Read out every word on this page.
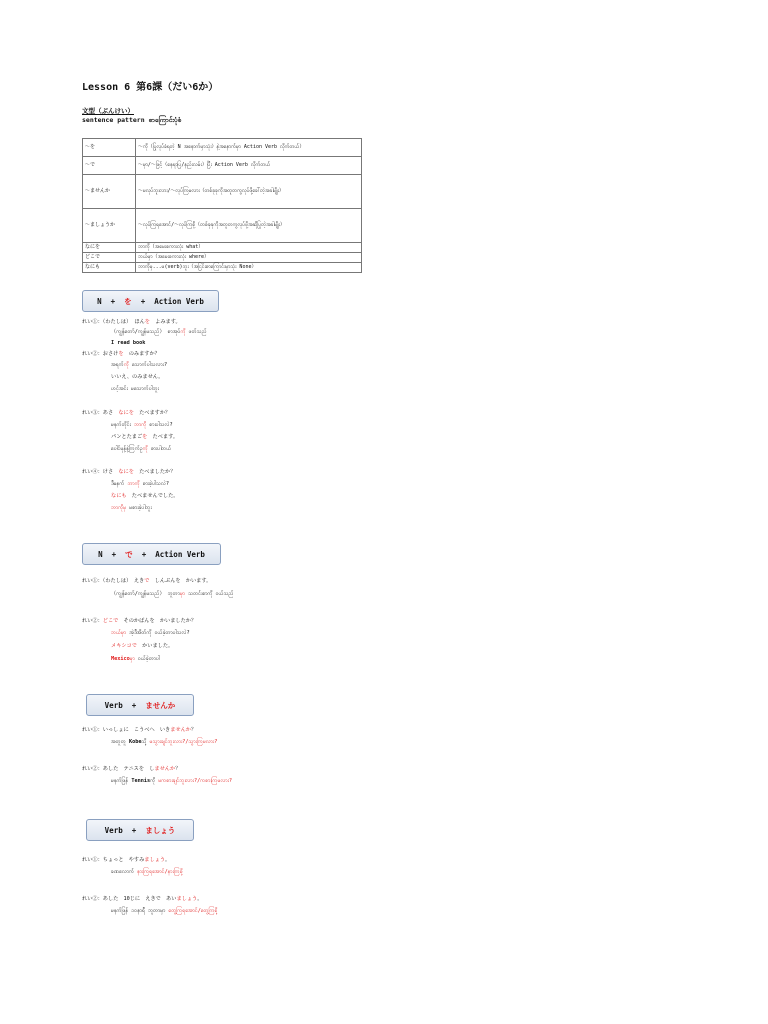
Lesson 6 第6課（だい6か）
文型（ぶんけい）
sentence pattern စာကြောင်းပုံစံ
〜を	〜ကို（ပြုလုပ်ခံရတဲ့ N အနောက်မှာသုံး）နဲ့အနောက်မှာ Action Verb လိုက်တယ်）
〜で	〜မှာ/〜ဖြင့်（နေရာပြ/နည်းလမ်း）ပြီး Action Verb လိုက်တယ်
〜ませんか	〜မလုပ်ဘူးလား/〜လုပ်ကြမလား（တစ်ခုခုကိုအတူတကွလုပ်ဖို့ခေါ်တဲ့အခါမျိုး）
〜ましょうか	〜လုပ်ကြရအောင်/〜လုပ်ကြစို့（တစ်ခုခုကိုအတူတကွလုပ်ဖို့အဆိုပြုတဲ့အခါမျိုး）
なにを	ဘာကို（အမေးစကားလုံး what）
どこで	ဘယ်မှာ（အမေးစကားလုံး where）
なにも	ဘာကိုမှ...မ(verb)ဘူး（အငြင်းစာကြောင်းမှာသုံး None）
N  + を +  Action Verb
れい①：（わたしは） ほんを　よみます。
（ကျွန်တော်/ကျွန်မသည်） စာအုပ်ကို ဖတ်သည်
I read book
れい②：おさけを　のみますか？
အရက်ကို သောက်ပါသလား?
いいえ、のみません。
ဟင့်အင်း မသောက်ပါဘူး
れい③：あさ　なにを　たべますか？
မနက်တိုင်း ဘာကို စားပါသလဲ?
パンとたまごを　たべます。
ပေါင်မုန့်နဲ့ကြက်ဥကို စားပါတယ်
れい④：けさ　なにを　たべましたか？
ဒီမနက် ဘာကို စားခဲ့ပါသလဲ?
なにも　たべませんでした。
ဘာကိုမှ မစားခဲ့ပါဘူး
N  + で +  Action Verb
れい①：（わたしは）　えきで　しんぶんを　かいます。
（ကျွန်တော်/ကျွန်မသည်） ဘူတာမှာ သတင်းစာကို ဝယ်သည်
れい②：どこで　そのかばんを　かいましたか？
ဘယ်မှာ အဲ့ဒီအိတ်ကို ဝယ်ခဲ့တာပါသလဲ?
メキシコで　かいました。
Mexicoမှာ ဝယ်ခဲ့တာပါ
Verb  + ませんか
れい①：いっしょに　こうべへ　いきませんか？
အတူတူ Kobeသို့ မသွားချင်ဘူးလား?/သွားကြမလား?
れい②：あした　テニスを　しませんか？
မနက်ဖြန် Tennisကို မကစားချင်ဘူးလား?/ကစားကြမလား?
Verb  + ましょう
れい①：ちょっと　やすみましょう。
ခဏလောက် နားကြရအောင်/နားကြစို့
れい②：あした　10じに　えきで　あいましょう。
မနက်ဖြန် ၁၀နာရီ ဘူတာမှာ တွေ့ကြရအောင်/တွေ့ကြစို့
